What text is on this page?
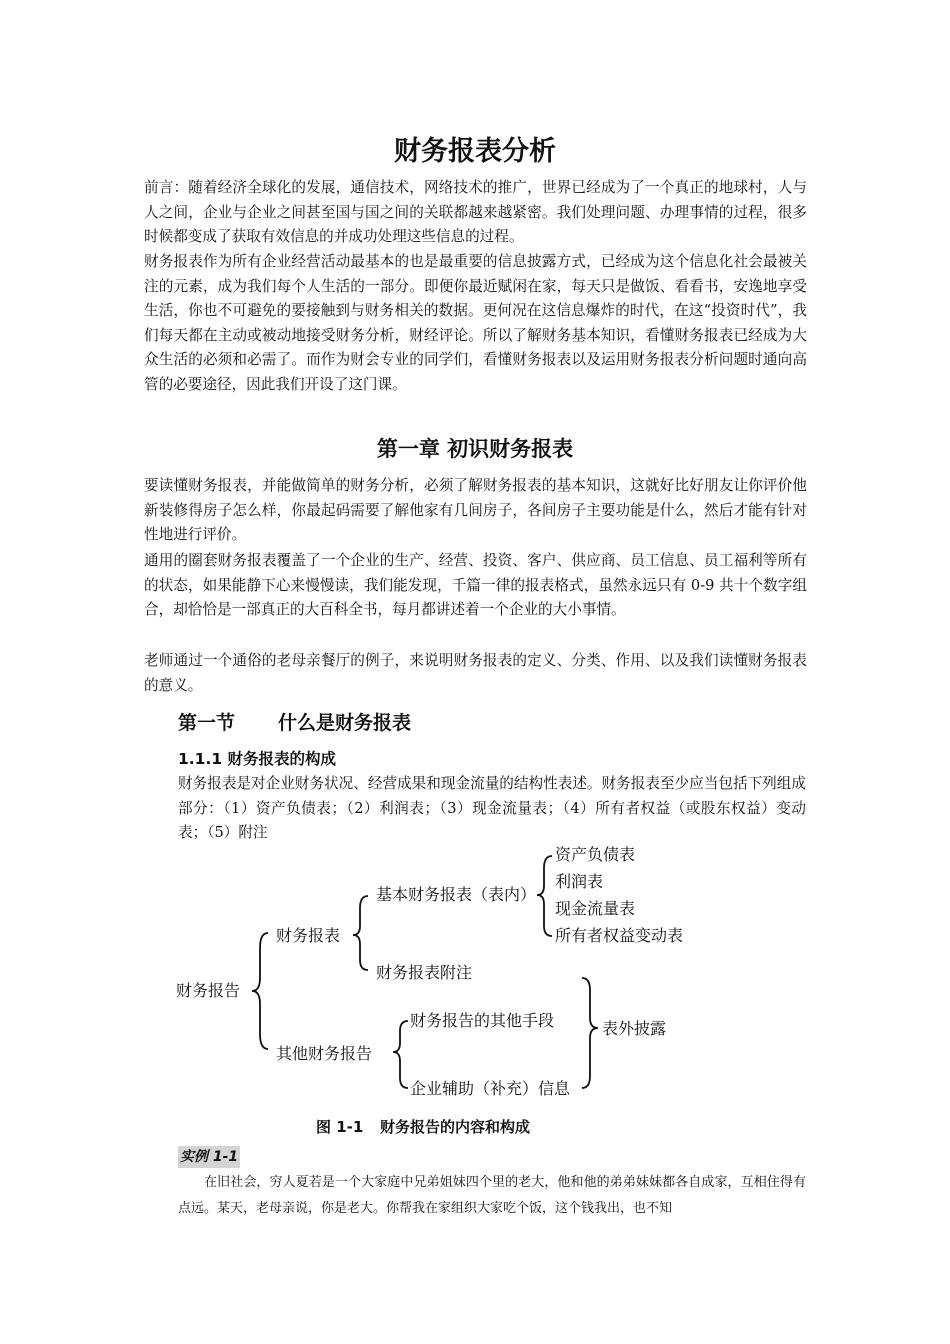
财务报表分析

前言：随着经济全球化的发展，通信技术，网络技术的推广，世界已经成为了一个真正的地球村，人与人之间，企业与企业之间甚至国与国之间的关联都越来越紧密。我们处理问题、办理事情的过程，很多时候都变成了获取有效信息的并成功处理这些信息的过程。

财务报表作为所有企业经营活动最基本的也是最重要的信息披露方式，已经成为这个信息化社会最被关注的元素，成为我们每个人生活的一部分。即便你最近赋闲在家，每天只是做饭、看看书，安逸地享受生活，你也不可避免的要接触到与财务相关的数据。更何况在这信息爆炸的时代，在这“投资时代”，我们每天都在主动或被动地接受财务分析，财经评论。所以了解财务基本知识，看懂财务报表已经成为大众生活的必须和必需了。而作为财会专业的同学们，看懂财务报表以及运用财务报表分析问题时通向高管的必要途径，因此我们开设了这门课。

第一章 初识财务报表

要读懂财务报表，并能做简单的财务分析，必须了解财务报表的基本知识，这就好比好朋友让你评价他新装修得房子怎么样，你最起码需要了解他家有几间房子，各间房子主要功能是什么，然后才能有针对性地进行评价。

通用的圈套财务报表覆盖了一个企业的生产、经营、投资、客户、供应商、员工信息、员工福利等所有的状态，如果能静下心来慢慢读，我们能发现，千篇一律的报表格式，虽然永远只有 0-9 共十个数字组合，却恰恰是一部真正的大百科全书，每月都讲述着一个企业的大小事情。

老师通过一个通俗的老母亲餐厅的例子，来说明财务报表的定义、分类、作用、以及我们读懂财务报表的意义。

第一节 什么是财务报表
1.1.1 财务报表的构成

财务报表是对企业财务状况、经营成果和现金流量的结构性表述。财务报表至少应当包括下列组成部分：（1）资产负债表；（2）利润表；（3）现金流量表；（4）所有者权益（或股东权益）变动表；（5）附注

财务报告
财务报表
基本财务报表（表内）
资产负债表
利润表
现金流量表
所有者权益变动表
财务报表附注
其他财务报告
财务报告的其他手段
企业辅助（补充）信息
表外披露
图 1-1 财务报告的内容和构成
实例 1-1

在旧社会，穷人夏若是一个大家庭中兄弟姐妹四个里的老大，他和他的弟弟妹妹都各自成家，互相住得有点远。某天，老母亲说，你是老大。你帮我在家组织大家吃个饭，这个钱我出，也不知
